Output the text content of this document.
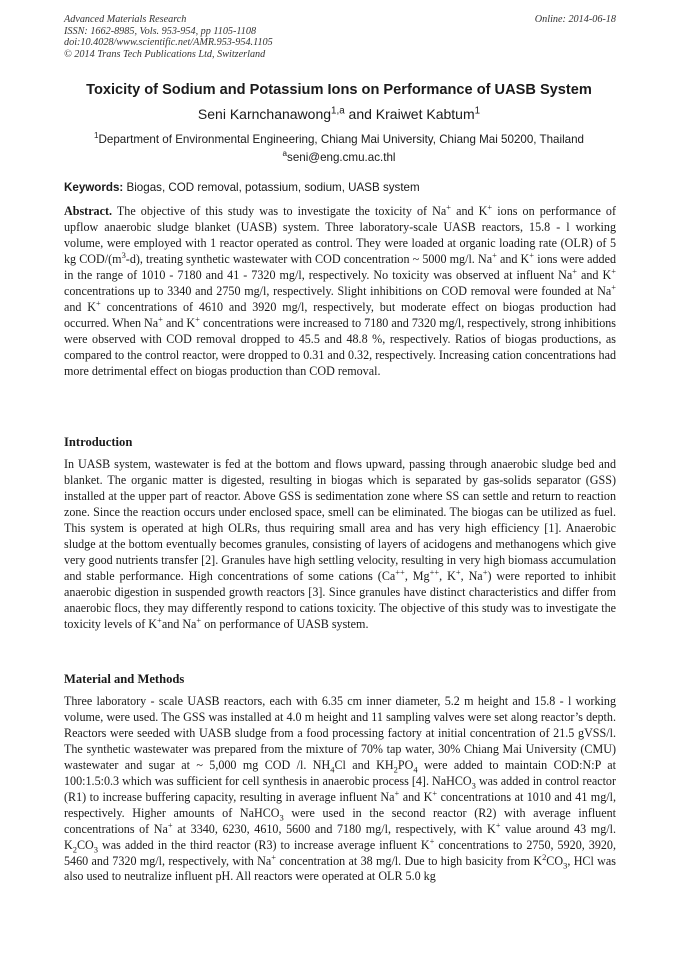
Advanced Materials Research
ISSN: 1662-8985, Vols. 953-954, pp 1105-1108
doi:10.4028/www.scientific.net/AMR.953-954.1105
© 2014 Trans Tech Publications Ltd, Switzerland
Online: 2014-06-18
Toxicity of Sodium and Potassium Ions on Performance of UASB System
Seni Karnchanawong$^{1,a}$ and Kraiwet Kabtum$^1$
$^1$Department of Environmental Engineering, Chiang Mai University, Chiang Mai 50200, Thailand
$^a$seni@eng.cmu.ac.thl
Keywords: Biogas, COD removal, potassium, sodium, UASB system

Abstract. The objective of this study was to investigate the toxicity of Na+ and K+ ions on performance of upflow anaerobic sludge blanket (UASB) system. Three laboratory-scale UASB reactors, 15.8 - l working volume, were employed with 1 reactor operated as control. They were loaded at organic loading rate (OLR) of 5 kg COD/$(m^3-d)$, treating synthetic wastewater with COD concentration ~ 5000 mg/l. Na+ and K+ ions were added in the range of 1010 - 7180 and 41 - 7320 mg/l, respectively. No toxicity was observed at influent Na+ and K+ concentrations up to 3340 and 2750 mg/l, respectively. Slight inhibitions on COD removal were founded at Na+ and K+ concentrations of 4610 and 3920 mg/l, respectively, but moderate effect on biogas production had occurred. When Na+ and K+ concentrations were increased to 7180 and 7320 mg/l, respectively, strong inhibitions were observed with COD removal dropped to 45.5 and 48.8 %, respectively. Ratios of biogas productions, as compared to the control reactor, were dropped to 0.31 and 0.32, respectively. Increasing cation concentrations had more detrimental effect on biogas production than COD removal.

Introduction

In UASB system, wastewater is fed at the bottom and flows upward, passing through anaerobic sludge bed and blanket. The organic matter is digested, resulting in biogas which is separated by gas-solids separator (GSS) installed at the upper part of reactor. Above GSS is sedimentation zone where SS can settle and return to reaction zone. Since the reaction occurs under enclosed space, smell can be eliminated. The biogas can be utilized as fuel. This system is operated at high OLRs, thus requiring small area and has very high efficiency [1]. Anaerobic sludge at the bottom eventually becomes granules, consisting of layers of acidogens and methanogens which give very good nutrients transfer [2]. Granules have high settling velocity, resulting in very high biomass accumulation and stable performance. High concentrations of some cations (Ca++, Mg++, K+, Na+) were reported to inhibit anaerobic digestion in suspended growth reactors [3]. Since granules have distinct characteristics and differ from anaerobic flocs, they may differently respond to cations toxicity. The objective of this study was to investigate the toxicity levels of K+and Na+ on performance of UASB system.

Material and Methods

Three laboratory - scale UASB reactors, each with 6.35 cm inner diameter, 5.2 m height and 15.8 - l working volume, were used. The GSS was installed at 4.0 m height and 11 sampling valves were set along reactor’s depth. Reactors were seeded with UASB sludge from a food processing factory at initial concentration of 21.5 gVSS/l. The synthetic wastewater was prepared from the mixture of 70% tap water, 30% Chiang Mai University (CMU) wastewater and sugar at ~ 5,000 mg COD /l. $NH_4Cl$ and $KH_2PO_4$ were added to maintain COD:N:P at 100:1.5:0.3 which was sufficient for cell synthesis in anaerobic process [4]. NaHCO$_3$ was added in control reactor (R1) to increase buffering capacity, resulting in average influent Na+ and K+ concentrations at 1010 and 41 mg/l, respectively. Higher amounts of NaHCO$_3$ were used in the second reactor (R2) with average influent concentrations of Na+ at 3340, 6230, 4610, 5600 and 7180 mg/l, respectively, with K+ value around 43 mg/l. $K_2CO_3$ was added in the third reactor (R3) to increase average influent K+ concentrations to 2750, 5920, 3920, 5460 and 7320 mg/l, respectively, with Na+ concentration at 38 mg/l. Due to high basicity from $K^2CO_3$, HCl was also used to neutralize influent pH. All reactors were operated at OLR 5.0 kg
